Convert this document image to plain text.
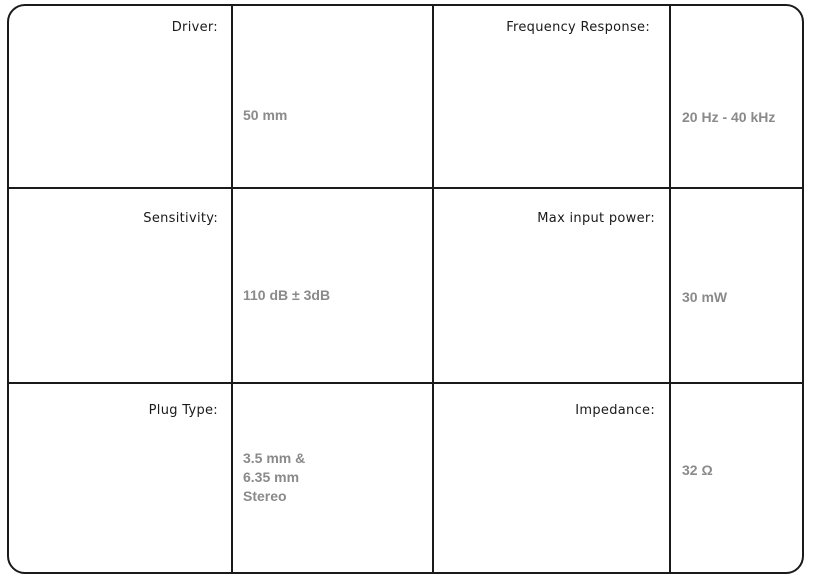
Driver:
50 mm
Frequency Response:
20 Hz - 40 kHz
Sensitivity:
110 dB ± 3dB
Max input power:
30 mW
Plug Type:
3.5 mm &
6.35 mm
Stereo
Impedance:
32 Ω
